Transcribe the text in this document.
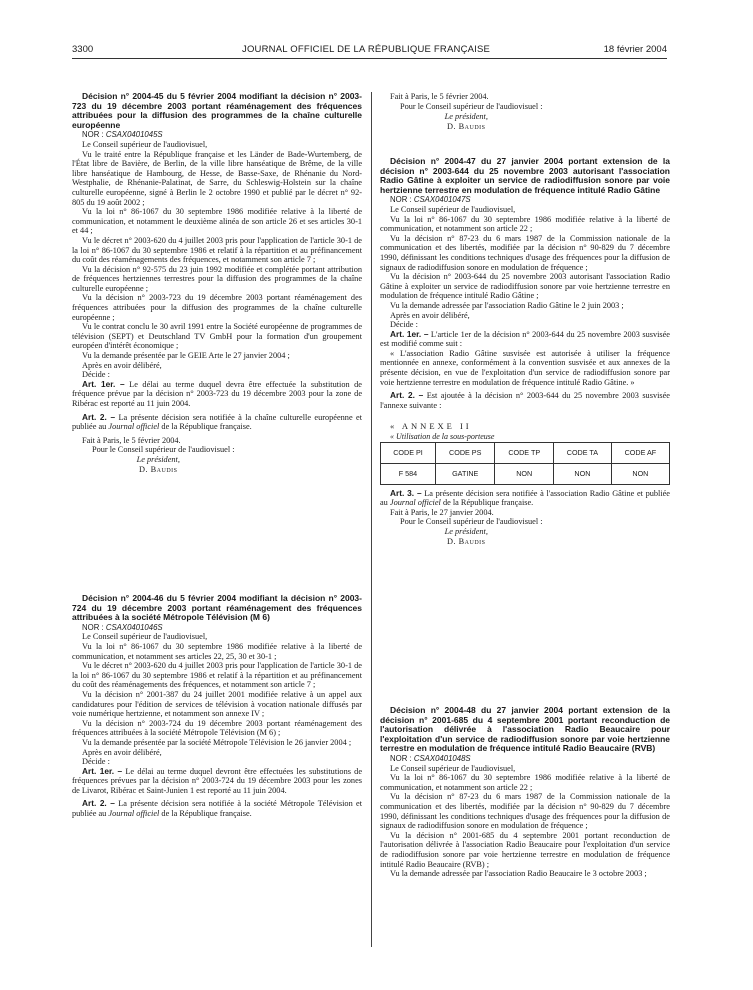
3300	JOURNAL OFFICIEL DE LA RÉPUBLIQUE FRANÇAISE	18 février 2004

Décision n° 2004-45 du 5 février 2004 modifiant la décision n° 2003-723 du 19 décembre 2003 portant réaménagement des fréquences attribuées pour la diffusion des programmes de la chaîne culturelle européenne

NOR : CSAX0401045S

Le Conseil supérieur de l'audiovisuel,

Vu le traité entre la République française et les Länder de Bade-Wurtemberg, de l'État libre de Bavière, de Berlin, de la ville libre hanséatique de Brême, de la ville libre hanséatique de Hambourg, de Hesse, de Basse-Saxe, de Rhénanie du Nord-Westphalie, de Rhénanie-Palatinat, de Sarre, du Schleswig-Holstein sur la chaîne culturelle européenne, signé à Berlin le 2 octobre 1990 et publié par le décret n° 92-805 du 19 août 2002 ;

Vu la loi n° 86-1067 du 30 septembre 1986 modifiée relative à la liberté de communication, et notamment le deuxième alinéa de son article 26 et ses articles 30-1 et 44 ;

Vu le décret n° 2003-620 du 4 juillet 2003 pris pour l'application de l'article 30-1 de la loi n° 86-1067 du 30 septembre 1986 et relatif à la répartition et au préfinancement du coût des réaménagements des fréquences, et notamment son article 7 ;

Vu la décision n° 92-575 du 23 juin 1992 modifiée et complétée portant attribution de fréquences hertziennes terrestres pour la diffusion des programmes de la chaîne culturelle européenne ;

Vu la décision n° 2003-723 du 19 décembre 2003 portant réaménagement des fréquences attribuées pour la diffusion des programmes de la chaîne culturelle européenne ;

Vu le contrat conclu le 30 avril 1991 entre la Société européenne de programmes de télévision (SEPT) et Deutschland TV GmbH pour la formation d'un groupement européen d'intérêt économique ;

Vu la demande présentée par le GEIE Arte le 27 janvier 2004 ;

Après en avoir délibéré,

Décide :

Art. 1er. – Le délai au terme duquel devra être effectuée la substitution de fréquence prévue par la décision n° 2003-723 du 19 décembre 2003 pour la zone de Ribérac est reporté au 11 juin 2004.

Art. 2. – La présente décision sera notifiée à la chaîne culturelle européenne et publiée au Journal officiel de la République française.

Fait à Paris, le 5 février 2004.

Pour le Conseil supérieur de l'audiovisuel :
Le président,
D. Baudis

Décision n° 2004-46 du 5 février 2004 modifiant la décision n° 2003-724 du 19 décembre 2003 portant réaménagement des fréquences attribuées à la société Métropole Télévision (M 6)

NOR : CSAX0401046S

Le Conseil supérieur de l'audiovisuel,

Vu la loi n° 86-1067 du 30 septembre 1986 modifiée relative à la liberté de communication, et notamment ses articles 22, 25, 30 et 30-1 ;

Vu le décret n° 2003-620 du 4 juillet 2003 pris pour l'application de l'article 30-1 de la loi n° 86-1067 du 30 septembre 1986 et relatif à la répartition et au préfinancement du coût des réaménagements des fréquences, et notamment son article 7 ;

Vu la décision n° 2001-387 du 24 juillet 2001 modifiée relative à un appel aux candidatures pour l'édition de services de télévision à vocation nationale diffusés par voie numérique hertzienne, et notamment son annexe IV ;

Vu la décision n° 2003-724 du 19 décembre 2003 portant réaménagement des fréquences attribuées à la société Métropole Télévision (M 6) ;

Vu la demande présentée par la société Métropole Télévision le 26 janvier 2004 ;

Après en avoir délibéré,

Décide :

Art. 1er. – Le délai au terme duquel devront être effectuées les substitutions de fréquences prévues par la décision n° 2003-724 du 19 décembre 2003 pour les zones de Livarot, Ribérac et Saint-Junien 1 est reporté au 11 juin 2004.

Art. 2. – La présente décision sera notifiée à la société Métropole Télévision et publiée au Journal officiel de la République française.

Fait à Paris, le 5 février 2004.

Pour le Conseil supérieur de l'audiovisuel :
Le président,
D. Baudis

Décision n° 2004-47 du 27 janvier 2004 portant extension de la décision n° 2003-644 du 25 novembre 2003 autorisant l'association Radio Gâtine à exploiter un service de radiodiffusion sonore par voie hertzienne terrestre en modulation de fréquence intitulé Radio Gâtine

NOR : CSAX0401047S

Le Conseil supérieur de l'audiovisuel,

Vu la loi n° 86-1067 du 30 septembre 1986 modifiée relative à la liberté de communication, et notamment son article 22 ;

Vu la décision n° 87-23 du 6 mars 1987 de la Commission nationale de la communication et des libertés, modifiée par la décision n° 90-829 du 7 décembre 1990, définissant les conditions techniques d'usage des fréquences pour la diffusion de signaux de radiodiffusion sonore en modulation de fréquence ;

Vu la décision n° 2003-644 du 25 novembre 2003 autorisant l'association Radio Gâtine à exploiter un service de radiodiffusion sonore par voie hertzienne terrestre en modulation de fréquence intitulé Radio Gâtine ;

Vu la demande adressée par l'association Radio Gâtine le 2 juin 2003 ;

Après en avoir délibéré,

Décide :

Art. 1er. – L'article 1er de la décision n° 2003-644 du 25 novembre 2003 susvisée est modifié comme suit :

« L'association Radio Gâtine susvisée est autorisée à utiliser la fréquence mentionnée en annexe, conformément à la convention susvisée et aux annexes de la présente décision, en vue de l'exploitation d'un service de radiodiffusion sonore par voie hertzienne terrestre en modulation de fréquence intitulé Radio Gâtine. »

Art. 2. – Est ajoutée à la décision n° 2003-644 du 25 novembre 2003 susvisée l'annexe suivante :

« ANNEXE II

« Utilisation de la sous-porteuse

CODE PI	CODE PS	CODE TP	CODE TA	CODE AF
F 584	GATINE	NON	NON	NON

Art. 3. – La présente décision sera notifiée à l'association Radio Gâtine et publiée au Journal officiel de la République française.

Fait à Paris, le 27 janvier 2004.

Pour le Conseil supérieur de l'audiovisuel :
Le président,
D. Baudis

Décision n° 2004-48 du 27 janvier 2004 portant extension de la décision n° 2001-685 du 4 septembre 2001 portant reconduction de l'autorisation délivrée à l'association Radio Beaucaire pour l'exploitation d'un service de radiodiffusion sonore par voie hertzienne terrestre en modulation de fréquence intitulé Radio Beaucaire (RVB)

NOR : CSAX0401048S

Le Conseil supérieur de l'audiovisuel,

Vu la loi n° 86-1067 du 30 septembre 1986 modifiée relative à la liberté de communication, et notamment son article 22 ;

Vu la décision n° 87-23 du 6 mars 1987 de la Commission nationale de la communication et des libertés, modifiée par la décision n° 90-829 du 7 décembre 1990, définissant les conditions techniques d'usage des fréquences pour la diffusion de signaux de radiodiffusion sonore en modulation de fréquence ;

Vu la décision n° 2001-685 du 4 septembre 2001 portant reconduction de l'autorisation délivrée à l'association Radio Beaucaire pour l'exploitation d'un service de radiodiffusion sonore par voie hertzienne terrestre en modulation de fréquence intitulé Radio Beaucaire (RVB) ;

Vu la demande adressée par l'association Radio Beaucaire le 3 octobre 2003 ;
